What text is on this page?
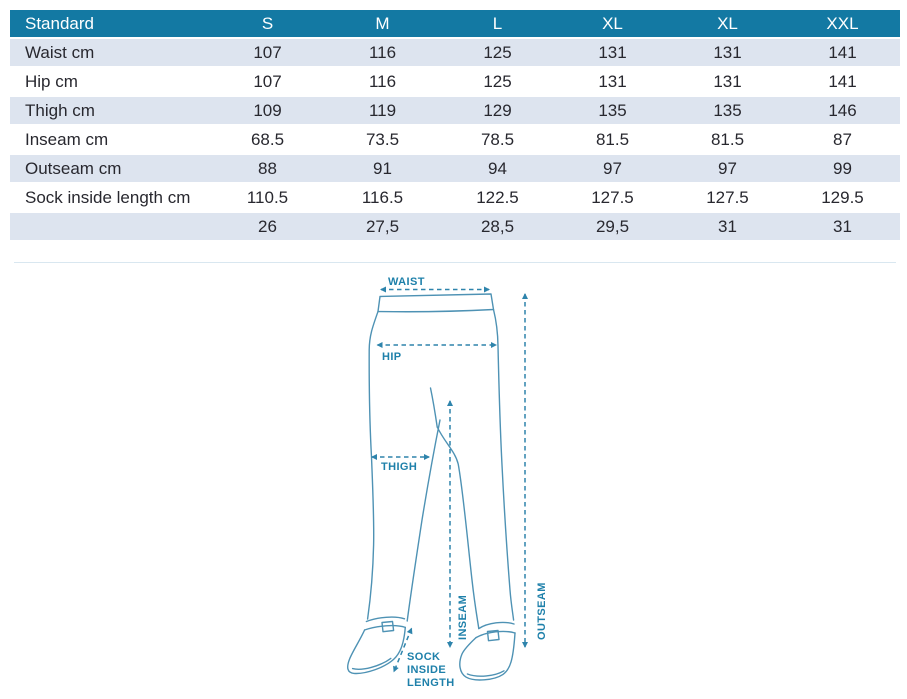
Standard	S	M	L	XL	XL	XXL
Waist cm	107	116	125	131	131	141
Hip cm	107	116	125	131	131	141
Thigh cm	109	119	129	135	135	146
Inseam cm	68.5	73.5	78.5	81.5	81.5	87
Outseam cm	88	91	94	97	97	99
Sock inside length cm	110.5	116.5	122.5	127.5	127.5	129.5
	26	27,5	28,5	29,5	31	31
WAIST
HIP
THIGH
INSEAM	OUTSEAM
SOCK
INSIDE
LENGTH
